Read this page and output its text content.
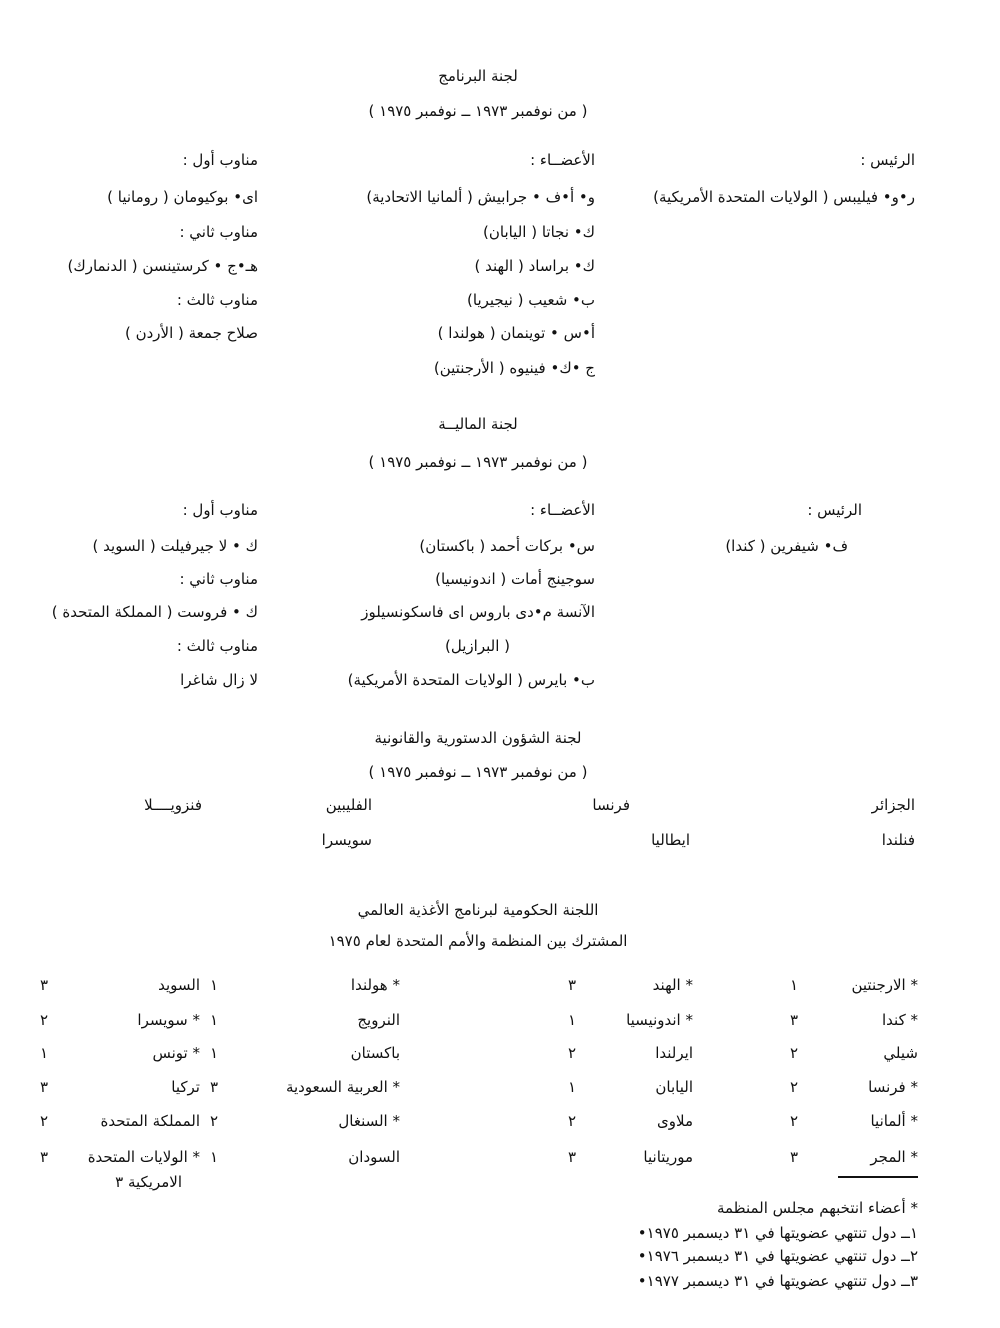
لجنة البرنامج
( من نوفمبر ١٩٧٣ ــ نوفمبر ١٩٧٥ )
الرئيس :
ر•و• فيليبس ( الولايات المتحدة الأمريكية)
الأعضــاء :
و• أ•ف • جرابيش ( ألمانيا الاتحادية)
ك• نجاتا ( اليابان)
ك• براساد ( الهند )
ب• شعيب ( نيجيريا)
أ•س • توينمان ( هولندا )
ج •ك• فينيوه ( الأرجنتين)
مناوب أول :
اى• بوكيومان ( رومانيا )
مناوب ثاني :
هـ•ج • كرستينسن ( الدنمارك)
مناوب ثالث :
صلاح جمعة ( الأردن )
لجنة الماليــة
( من نوفمبر ١٩٧٣ ــ نوفمبر ١٩٧٥ )
الرئيس :
ف• شيفرين ( كندا)
الأعضــاء :
س• بركات أحمد ( باكستان)
سوجينج أمات ( اندونيسيا)
الآنسة م•دى باروس اى فاسكونسيلوز
( البرازيل)
ب• بايرس ( الولايات المتحدة الأمريكية)
مناوب أول :
ك • لا جيرفيلت ( السويد )
مناوب ثاني :
ك • فروست ( المملكة المتحدة )
مناوب ثالث :
لا زال شاغرا
لجنة الشؤون الدستورية والقانونية
( من نوفمبر ١٩٧٣ ــ نوفمبر ١٩٧٥ )
الجزائر
فرنسا
الفليبين
فنزويــــلا
فنلندا
ايطاليا
سويسرا
اللجنة الحكومية لبرنامج الأغذية العالمي
المشترك بين المنظمة والأمم المتحدة لعام ١٩٧٥
* الارجنتين
١
* الهند
٣
* هولندا
١
السويد
٣
* كندا
٣
* اندونيسيا
١
النرويج
١
* سويسرا
٢
شيلي
٢
ايرلندا
٢
باكستان
١
* تونس
١
* فرنسا
٢
اليابان
١
* العربية السعودية
٣
تركيا
٣
* ألمانيا
٢
ملاوى
٢
* السنغال
٢
المملكة المتحدة
٢
* المجر
٣
موريتانيا
٣
السودان
١
* الولايات المتحدة
٣
الامريكية ٣
* أعضاء انتخبهم مجلس المنظمة
١ــ دول تنتهي عضويتها في ٣١ ديسمبر ١٩٧٥•
٢ــ دول تنتهي عضويتها في ٣١ ديسمبر ١٩٧٦•
٣ــ دول تنتهي عضويتها في ٣١ ديسمبر ١٩٧٧•
